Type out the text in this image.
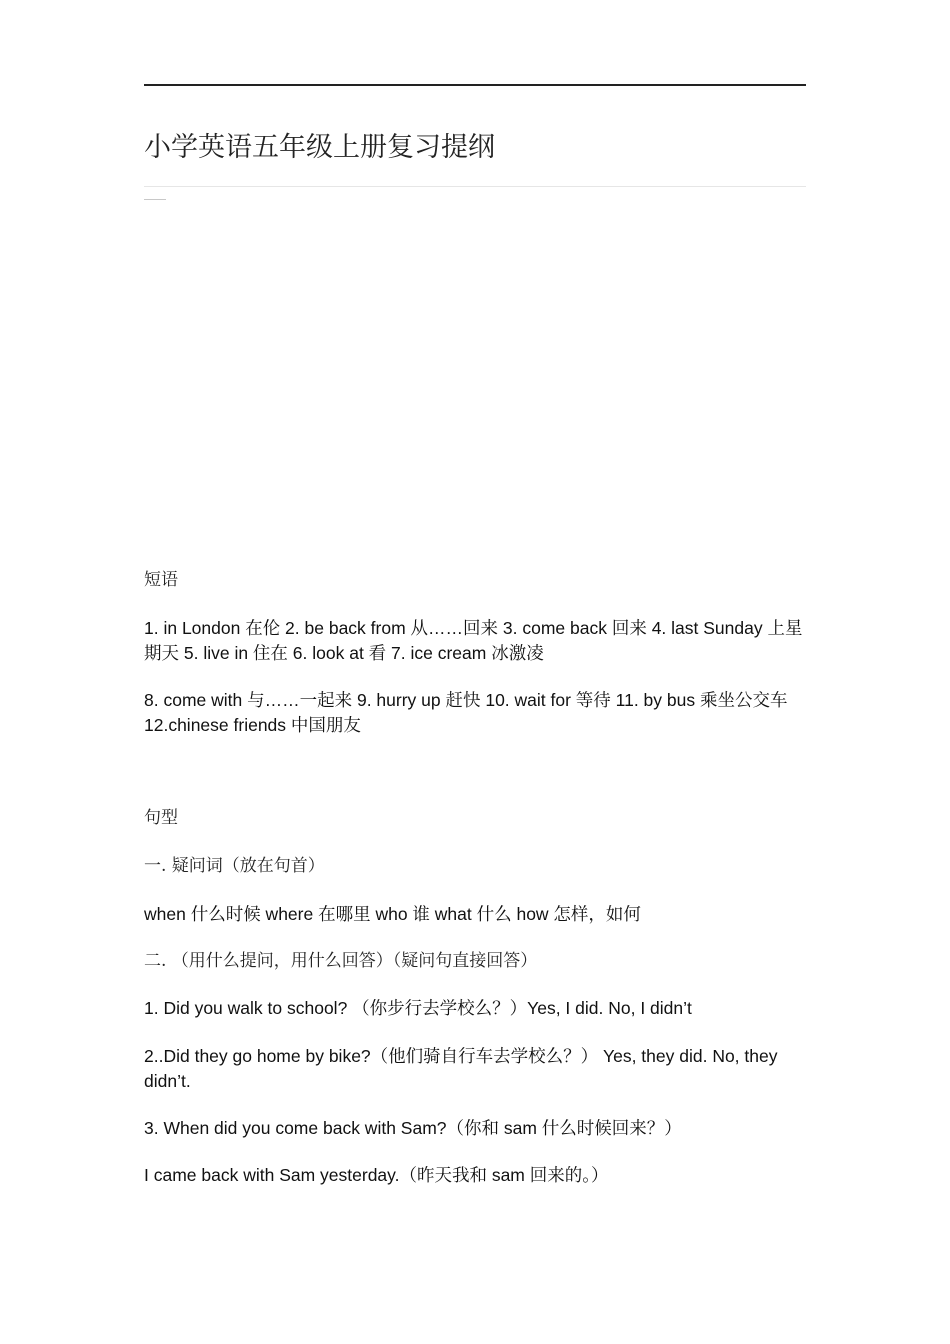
小学英语五年级上册复习提纲
短语
1. in London 在伦 2. be back from 从……回来 3. come back 回来 4. last Sunday 上星期天 5. live in 住在 6. look at 看 7. ice cream 冰激凌
8. come with 与……一起来 9. hurry up 赶快 10. wait for 等待 11. by bus 乘坐公交车 12.chinese friends 中国朋友
句型
一. 疑问词（放在句首）
when 什么时候 where 在哪里 who 谁 what 什么 how 怎样，如何
二. （用什么提问，用什么回答）（疑问句直接回答）
1. Did you walk to school? （你步行去学校么？）Yes, I did. No, I didn’t
2..Did they go home by bike?（他们骑自行车去学校么？） Yes, they did. No, they didn’t.
3. When did you come back with Sam?（你和 sam 什么时候回来？）
I came back with Sam yesterday.（昨天我和 sam 回来的。）
